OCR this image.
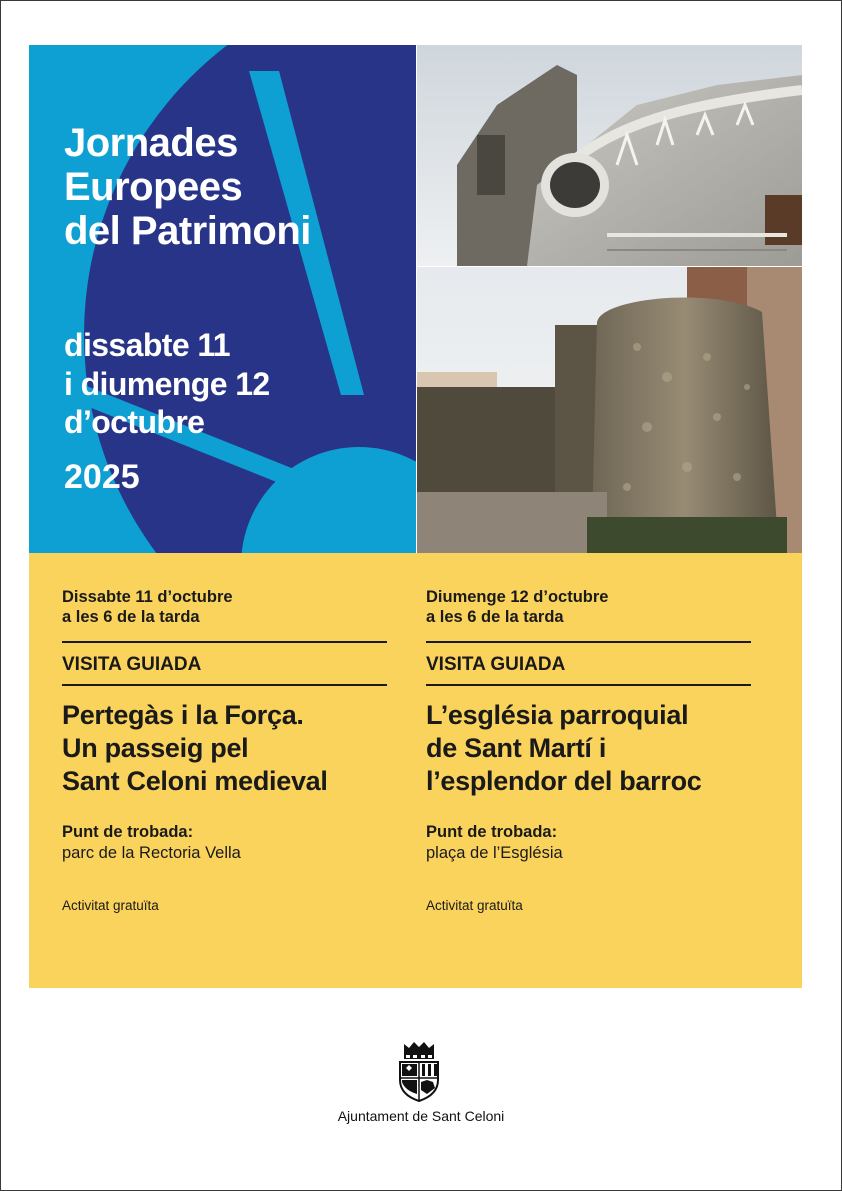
Jornades
Europees
del Patrimoni
dissabte 11
i diumenge 12
d’octubre
2025
Dissabte 11 d’octubre
a les 6 de la tarda
VISITA GUIADA
Pertegàs i la Força.
Un passeig pel
Sant Celoni medieval
Punt de trobada:
parc de la Rectoria Vella
Activitat gratuïta
Diumenge 12 d’octubre
a les 6 de la tarda
VISITA GUIADA
L’església parroquial
de Sant Martí i
l’esplendor del barroc
Punt de trobada:
plaça de l’Església
Activitat gratuïta
Ajuntament de Sant Celoni
